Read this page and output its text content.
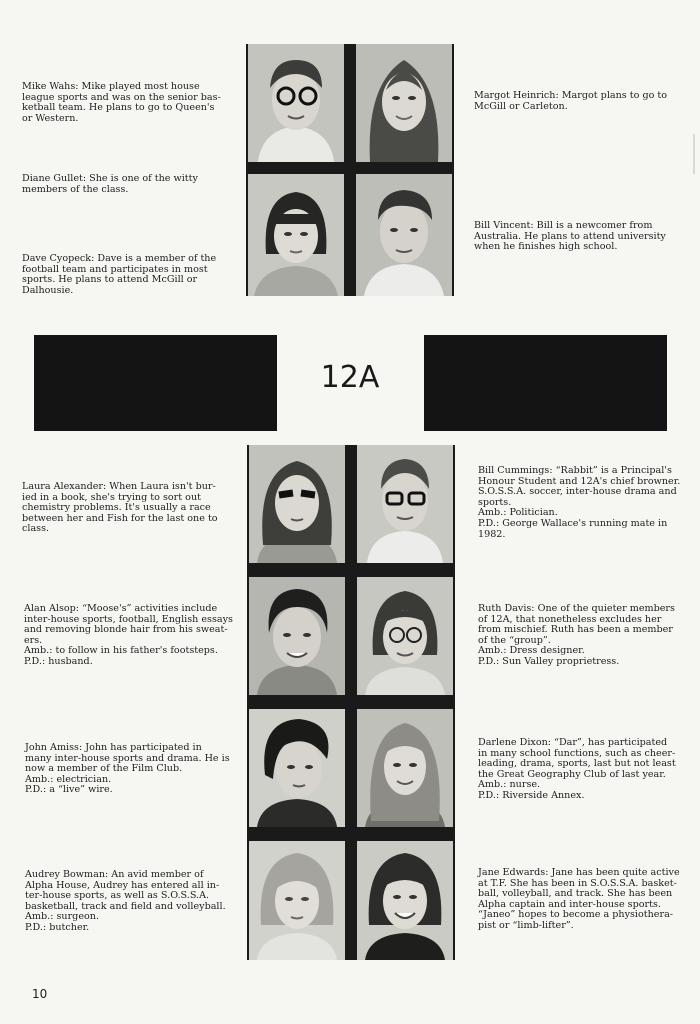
Mike Wahs: Mike played most house

league sports and was on the senior bas-

ketball team. He plans to go to Queen's

or Western.

Margot Heinrich: Margot plans to go to

McGill or Carleton.

Diane Gullet: She is one of the witty

members of the class.

Bill Vincent: Bill is a newcomer from

Australia. He plans to attend university

when he finishes high school.

Dave Cyopeck: Dave is a member of the

football team and participates in most

sports. He plans to attend McGill or

Dalhousie.

12A

Laura Alexander: When Laura isn't bur-

ied in a book, she's trying to sort out

chemistry problems. It's usually a race

between her and Fish for the last one to

class.

Bill Cummings: “Rabbit” is a Principal's

Honour Student and 12A's chief browner.

S.O.S.S.A. soccer, inter-house drama and

sports.

Amb.: Politician.

P.D.: George Wallace's running mate in

1982.

Alan Alsop: “Moose's” activities include

inter-house sports, football, English essays

and removing blonde hair from his sweat-

ers.

Amb.: to follow in his father's footsteps.

P.D.: husband.

Ruth Davis: One of the quieter members

of 12A, that nonetheless excludes her

from mischief. Ruth has been a member

of the “group”.

Amb.: Dress designer.

P.D.: Sun Valley proprietress.

John Amiss: John has participated in

many inter-house sports and drama. He is

now a member of the Film Club.

Amb.: electrician.

P.D.: a “live” wire.

Darlene Dixon: “Dar”, has participated

in many school functions, such as cheer-

leading, drama, sports, last but not least

the Great Geography Club of last year.

Amb.: nurse.

P.D.: Riverside Annex.

Audrey Bowman: An avid member of

Alpha House, Audrey has entered all in-

ter-house sports, as well as S.O.S.S.A.

basketball, track and field and volleyball.

Amb.: surgeon.

P.D.: butcher.

Jane Edwards: Jane has been quite active

at T.F. She has been in S.O.S.S.A. basket-

ball, volleyball, and track. She has been

Alpha captain and inter-house sports.

“Janeo” hopes to become a physiothera-

pist or “limb-lifter”.

10
